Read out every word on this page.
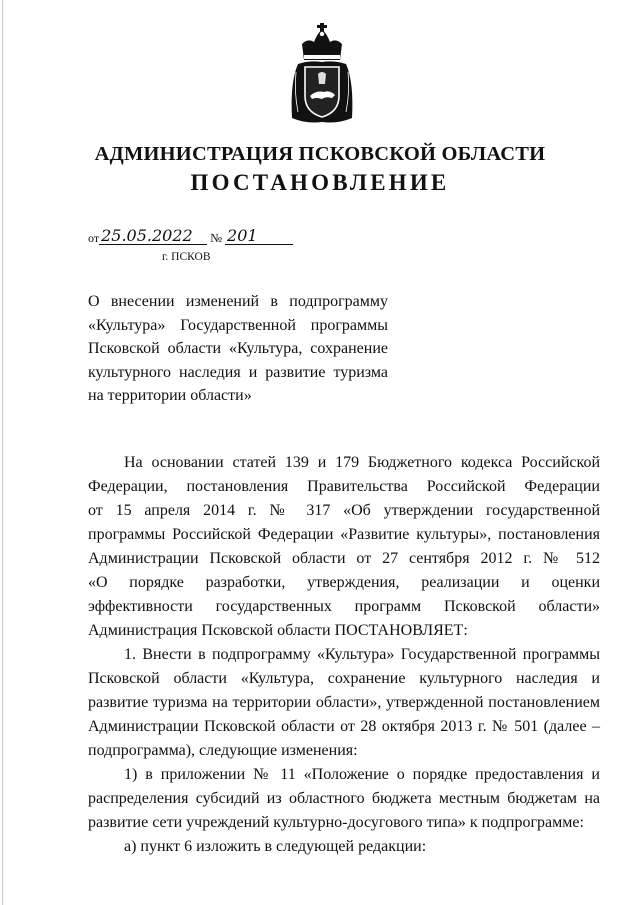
АДМИНИСТРАЦИЯ ПСКОВСКОЙ ОБЛАСТИ
ПОСТАНОВЛЕНИЕ
от 25.05.2022 № 201
г. ПСКОВ
О внесении изменений в подпрограмму
«Культура» Государственной программы
Псковской области «Культура, сохранение
культурного наследия и развитие туризма
на территории области»
На основании статей 139 и 179 Бюджетного кодекса Российской
Федерации, постановления Правительства Российской Федерации
от 15 апреля 2014 г. № 317 «Об утверждении государственной
программы Российской Федерации «Развитие культуры», постановления
Администрации Псковской области от 27 сентября 2012 г. № 512
«О порядке разработки, утверждения, реализации и оценки
эффективности государственных программ Псковской области»
Администрация Псковской области ПОСТАНОВЛЯЕТ:
1. Внести в подпрограмму «Культура» Государственной программы
Псковской области «Культура, сохранение культурного наследия и
развитие туризма на территории области», утвержденной постановлением
Администрации Псковской области от 28 октября 2013 г. № 501 (далее –
подпрограмма), следующие изменения:
1) в приложении № 11 «Положение о порядке предоставления и
распределения субсидий из областного бюджета местным бюджетам на
развитие сети учреждений культурно-досугового типа» к подпрограмме:
а) пункт 6 изложить в следующей редакции:
